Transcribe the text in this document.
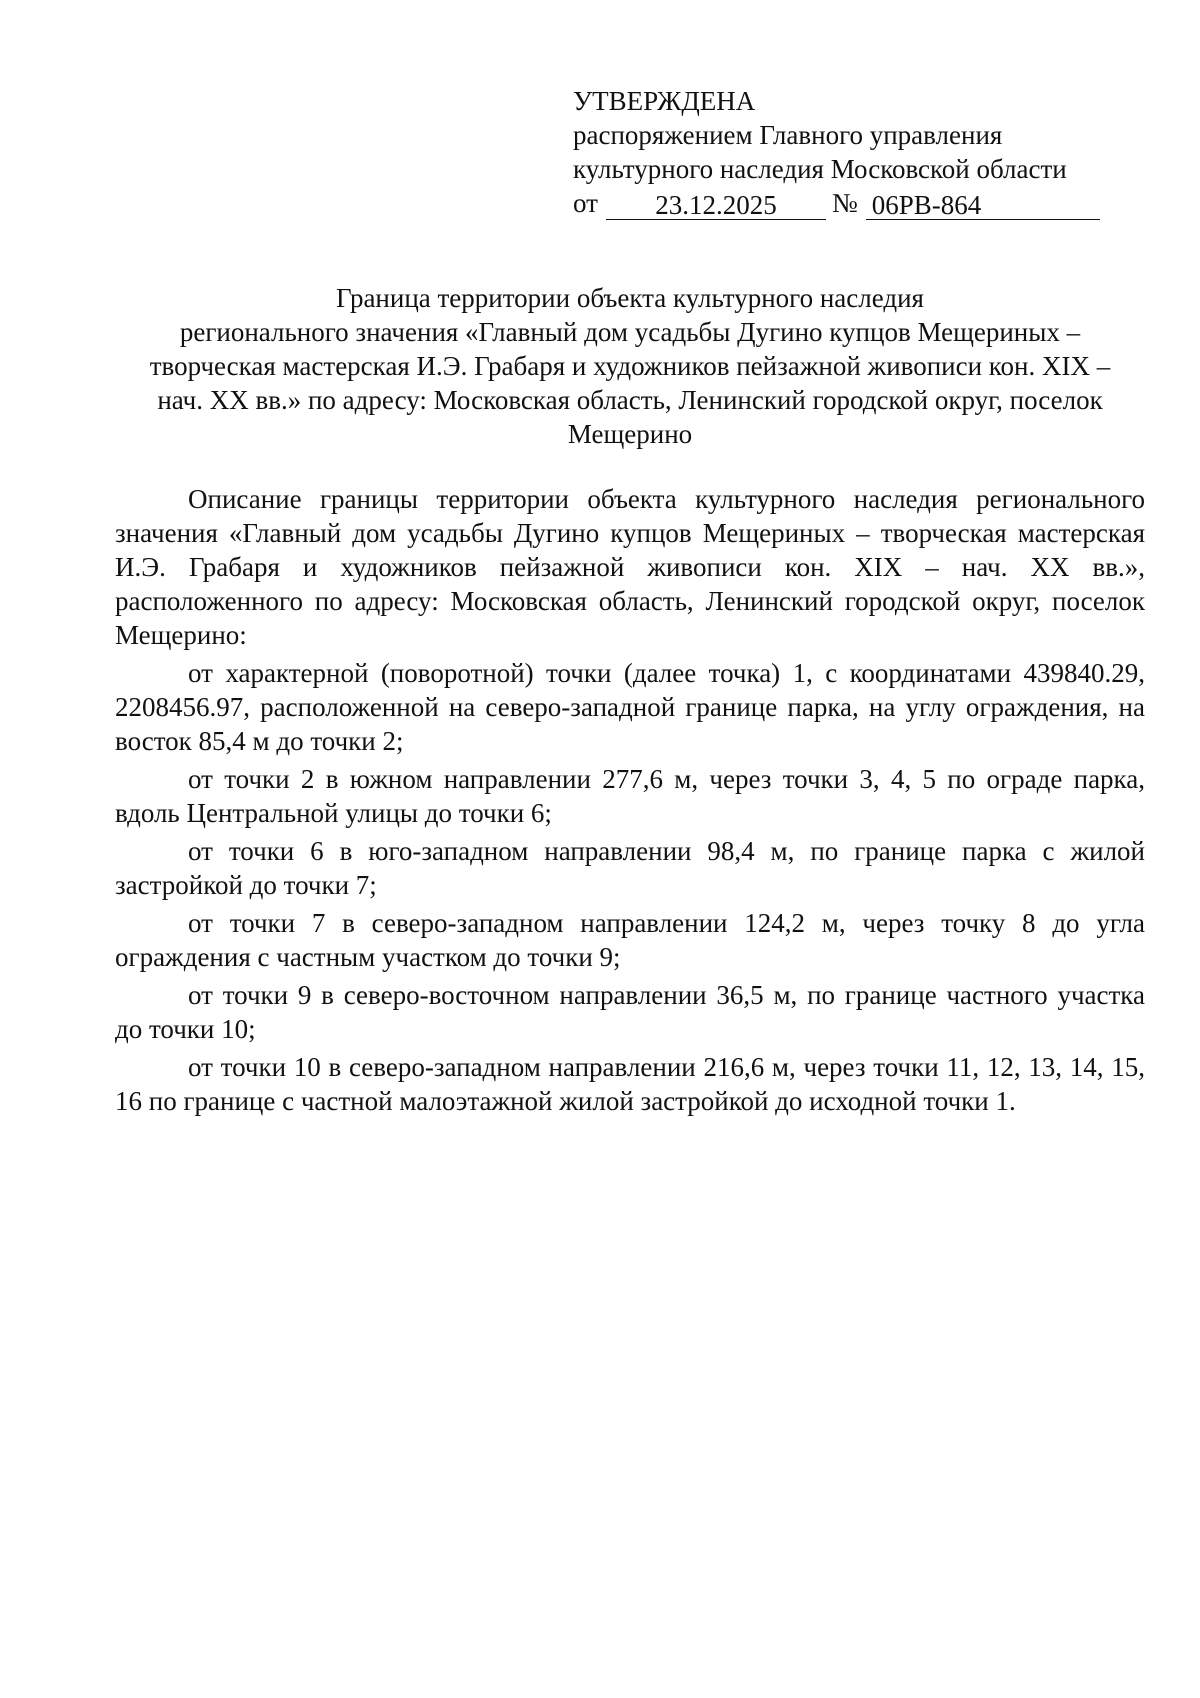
УТВЕРЖДЕНА
распоряжением Главного управления
культурного наследия Московской области
от	23.12.2025	№ 06РВ-864
Граница территории объекта культурного наследия
регионального значения «Главный дом усадьбы Дугино купцов Мещериных –
творческая мастерская И.Э. Грабаря и художников пейзажной живописи кон. XIX –
нач. XX вв.» по адресу: Московская область, Ленинский городской округ, поселок
Мещерино

Описание границы территории объекта культурного наследия регионального значения «Главный дом усадьбы Дугино купцов Мещериных – творческая мастерская И.Э. Грабаря и художников пейзажной живописи кон. XIX – нач. XX вв.», расположенного по адресу: Московская область, Ленинский городской округ, поселок Мещерино:

от характерной (поворотной) точки (далее точка) 1, с координатами 439840.29, 2208456.97, расположенной на северо-западной границе парка, на углу ограждения, на восток 85,4 м до точки 2;

от точки 2 в южном направлении 277,6 м, через точки 3, 4, 5 по ограде парка, вдоль Центральной улицы до точки 6;

от точки 6 в юго-западном направлении 98,4 м, по границе парка с жилой застройкой до точки 7;

от точки 7 в северо-западном направлении 124,2 м, через точку 8 до угла ограждения с частным участком до точки 9;

от точки 9 в северо-восточном направлении 36,5 м, по границе частного участка до точки 10;

от точки 10 в северо-западном направлении 216,6 м, через точки 11, 12, 13, 14, 15, 16 по границе с частной малоэтажной жилой застройкой до исходной точки 1.
